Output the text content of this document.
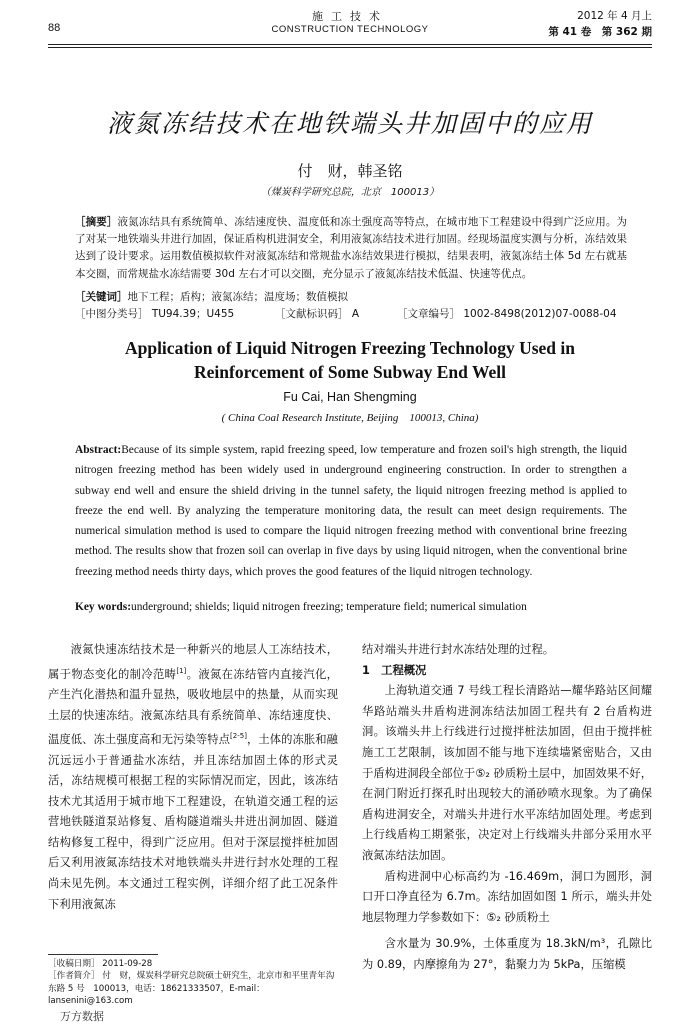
88
施工技术
CONSTRUCTION TECHNOLOGY
2012 年 4 月上
第 41 卷　第 362 期
液氮冻结技术在地铁端头井加固中的应用
付　财，韩圣铭
（煤炭科学研究总院，北京　100013）
［摘要］液氮冻结具有系统简单、冻结速度快、温度低和冻土强度高等特点，在城市地下工程建设中得到广泛应用。为了对某一地铁端头井进行加固，保证盾构机进洞安全，利用液氮冻结技术进行加固。经现场温度实测与分析，冻结效果达到了设计要求。运用数值模拟软件对液氮冻结和常规盐水冻结效果进行模拟，结果表明，液氮冻结土体 5d 左右就基本交圈，而常规盐水冻结需要 30d 左右才可以交圈，充分显示了液氮冻结技术低温、快速等优点。
［关键词］地下工程；盾构；液氮冻结；温度场；数值模拟
［中图分类号］ TU94.39；U455	［文献标识码］ A	［文章编号］ 1002-8498(2012)07-0088-04
Application of Liquid Nitrogen Freezing Technology Used in
Reinforcement of Some Subway End Well
Fu Cai, Han Shengming
( China Coal Research Institute, Beijing　100013, China)
Abstract:Because of its simple system, rapid freezing speed, low temperature and frozen soil's high strength, the liquid nitrogen freezing method has been widely used in underground engineering construction. In order to strengthen a subway end well and ensure the shield driving in the tunnel safety, the liquid nitrogen freezing method is applied to freeze the end well. By analyzing the temperature monitoring data, the result can meet design requirements. The numerical simulation method is used to compare the liquid nitrogen freezing method with conventional brine freezing method. The results show that frozen soil can overlap in five days by using liquid nitrogen, when the conventional brine freezing method needs thirty days, which proves the good features of the liquid nitrogen technology.
Key words:underground; shields; liquid nitrogen freezing; temperature field; numerical simulation

液氮快速冻结技术是一种新兴的地层人工冻结技术，属于物态变化的制冷范畴[1]。液氮在冻结管内直接汽化，产生汽化潜热和温升显热，吸收地层中的热量，从而实现土层的快速冻结。液氮冻结具有系统简单、冻结速度快、温度低、冻土强度高和无污染等特点[2-5]，土体的冻胀和融沉远远小于普通盐水冻结，并且冻结加固土体的形式灵活，冻结规模可根据工程的实际情况而定，因此，该冻结技术尤其适用于城市地下工程建设，在轨道交通工程的运营地铁隧道泵站修复、盾构隧道端头井进出洞加固、隧道结构修复工程中，得到广泛应用。但对于深层搅拌桩加固后又利用液氮冻结技术对地铁端头井进行封水处理的工程尚未见先例。本文通过工程实例，详细介绍了此工况条件下利用液氮冻

结对端头井进行封水冻结处理的过程。

1　工程概况

上海轨道交通 7 号线工程长清路站—耀华路站区间耀华路站端头井盾构进洞冻结法加固工程共有 2 台盾构进洞。该端头井上行线进行过搅拌桩法加固，但由于搅拌桩施工工艺限制，该加固不能与地下连续墙紧密贴合，又由于盾构进洞段全部位于⑤₂ 砂质粉土层中，加固效果不好，在洞门附近打探孔时出现较大的涌砂喷水现象。为了确保盾构进洞安全，对端头井进行水平冻结加固处理。考虑到上行线盾构工期紧张，决定对上行线端头井部分采用水平液氮冻结法加固。

盾构进洞中心标高约为 -16.469m，洞口为圆形，洞口开口净直径为 6.7m。冻结加固如图 1 所示，端头井处地层物理力学参数如下：⑤₂ 砂质粉土

含水量为 30.9%，土体重度为 18.3kN/m³，孔隙比为 0.89，内摩擦角为 27°，黏聚力为 5kPa，压缩模

［收稿日期］ 2011-09-28
［作者简介］ 付　财，煤炭科学研究总院硕士研究生，北京市和平里青年沟东路 5 号　100013，电话：18621333507，E-mail：lansenini@163.com
万方数据
